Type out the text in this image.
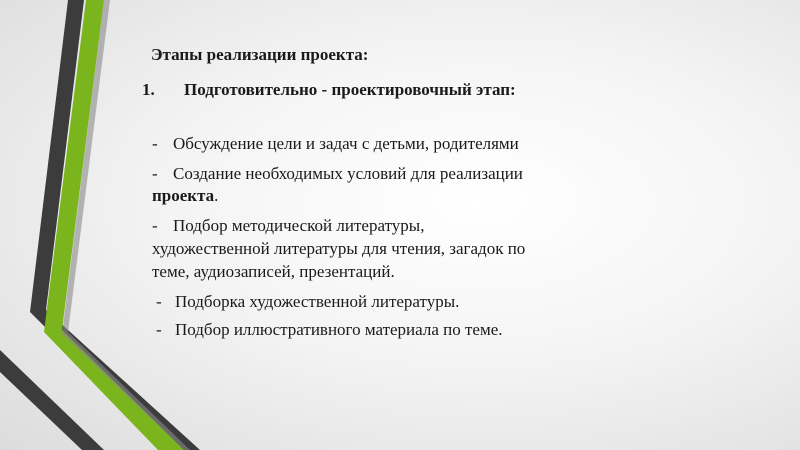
Этапы реализации проекта:
1. Подготовительно - проектировочный этап:
- Обсуждение цели и задач с детьми, родителями
- Создание необходимых условий для реализации
проекта.
- Подбор методической литературы,
художественной литературы для чтения, загадок по
теме, аудиозаписей, презентаций.
- Подборка художественной литературы.
- Подбор иллюстративного материала по теме.
